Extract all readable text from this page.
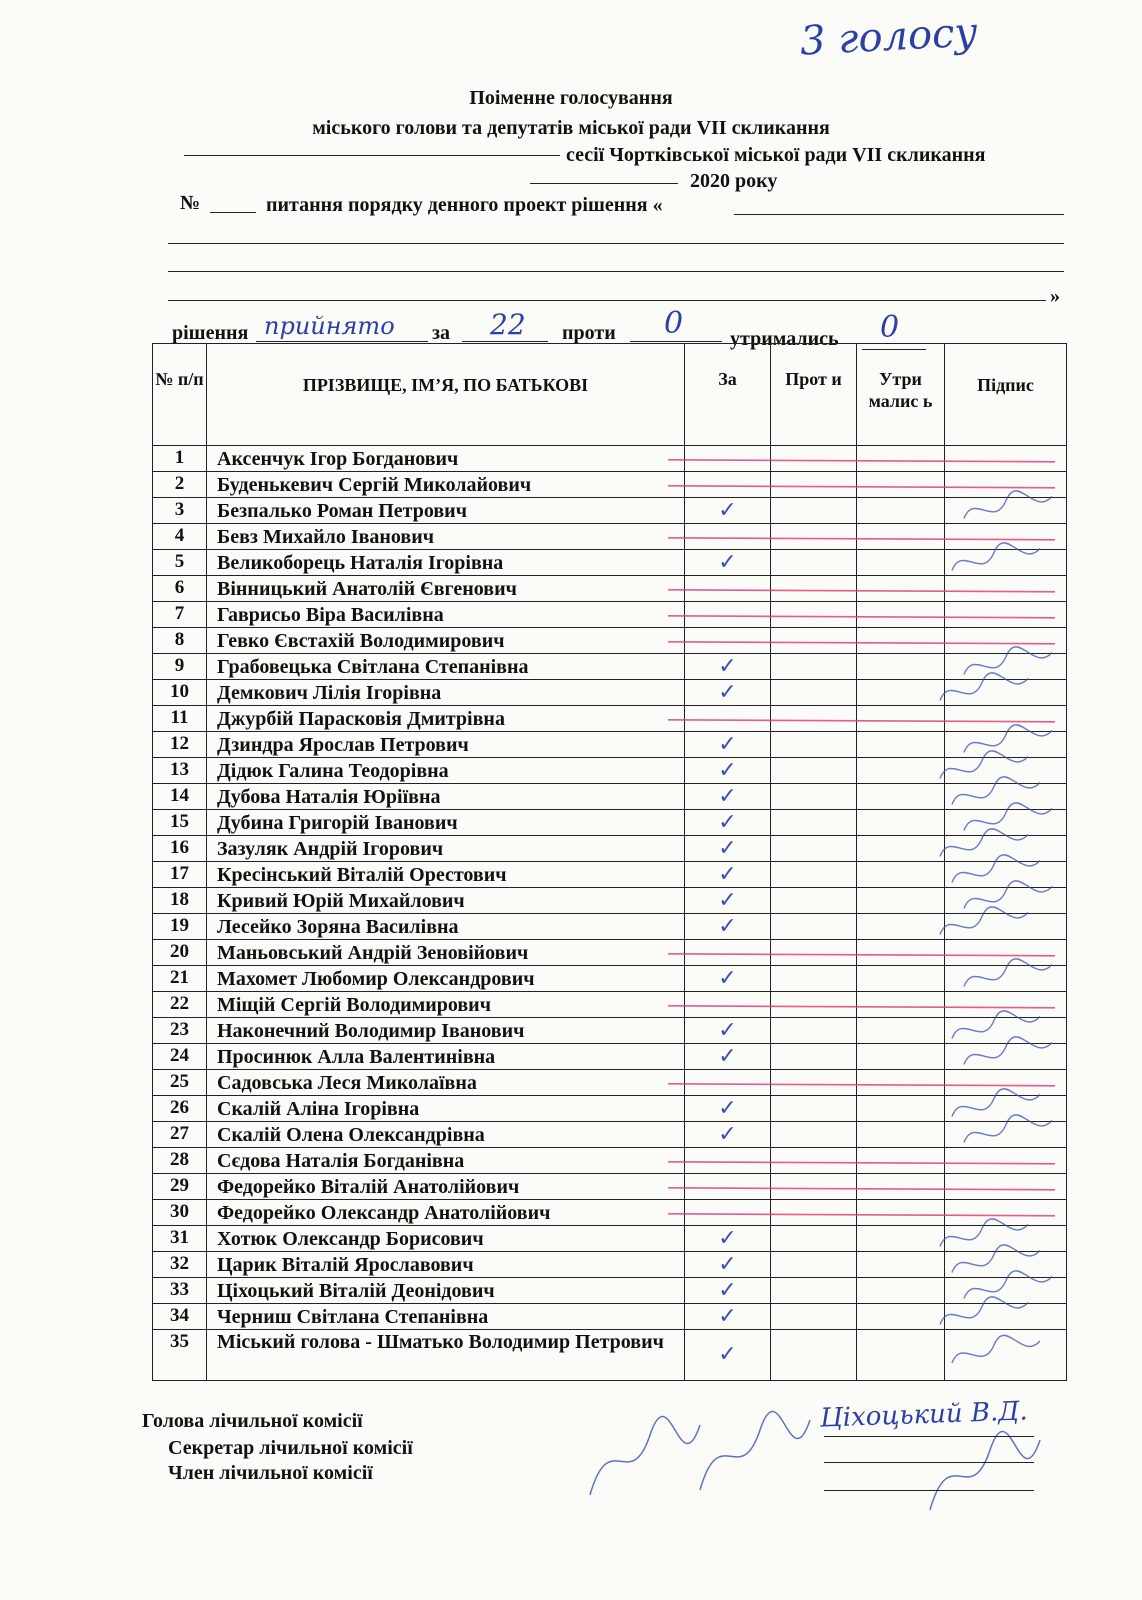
3 голосу
Поіменне голосування
міського голови та депутатів міської ради VII скликання
сесії Чортківської міської ради VII скликання
2020 року
№	питання порядку денного проект рішення «
»
рішення прийнято за 22 проти 0 утримались 0
№ п/п	ПРІЗВИЩЕ, ІМ’Я, ПО БАТЬКОВІ	За	Прот и	Утри малис ь	Підпис
1	Аксенчук Ігор Богданович				
2	Буденькевич Сергій Миколайович				
3	Безпалько Роман Петрович	✓			

4	Бевз Михайло Іванович				
5	Великоборець Наталія Ігорівна	✓			

6	Вінницький Анатолій Євгенович				
7	Гаврисьо Віра Василівна				
8	Гевко Євстахій Володимирович				
9	Грабовецька Світлана Степанівна	✓			

10	Демкович Лілія Ігорівна	✓			

11	Джурбій Парасковія Дмитрівна				
12	Дзиндра Ярослав Петрович	✓			

13	Дідюк Галина Теодорівна	✓			

14	Дубова Наталія Юріївна	✓			

15	Дубина Григорій Іванович	✓			

16	Зазуляк Андрій Ігорович	✓			

17	Кресінський Віталій Орестович	✓			

18	Кривий Юрій Михайлович	✓			

19	Лесейко Зоряна Василівна	✓			

20	Маньовський Андрій Зеновійович				
21	Махомет Любомир Олександрович	✓			

22	Міщій Сергій Володимирович				
23	Наконечний Володимир Іванович	✓			

24	Просинюк Алла Валентинівна	✓			

25	Садовська Леся Миколаївна				
26	Скалій Аліна Ігорівна	✓			

27	Скалій Олена Олександрівна	✓			

28	Сєдова Наталія Богданівна				
29	Федорейко Віталій Анатолійович				
30	Федорейко Олександр Анатолійович				
31	Хотюк Олександр Борисович	✓			

32	Царик Віталій Ярославович	✓			

33	Ціхоцький Віталій Деонідович	✓			

34	Черниш Світлана Степанівна	✓			

35	Міський голова - Шматько Володимир Петрович	✓			

Голова лічильної комісії
Секретар лічильної комісії
Член лічильної комісії
Ціхоцький В.Д.
